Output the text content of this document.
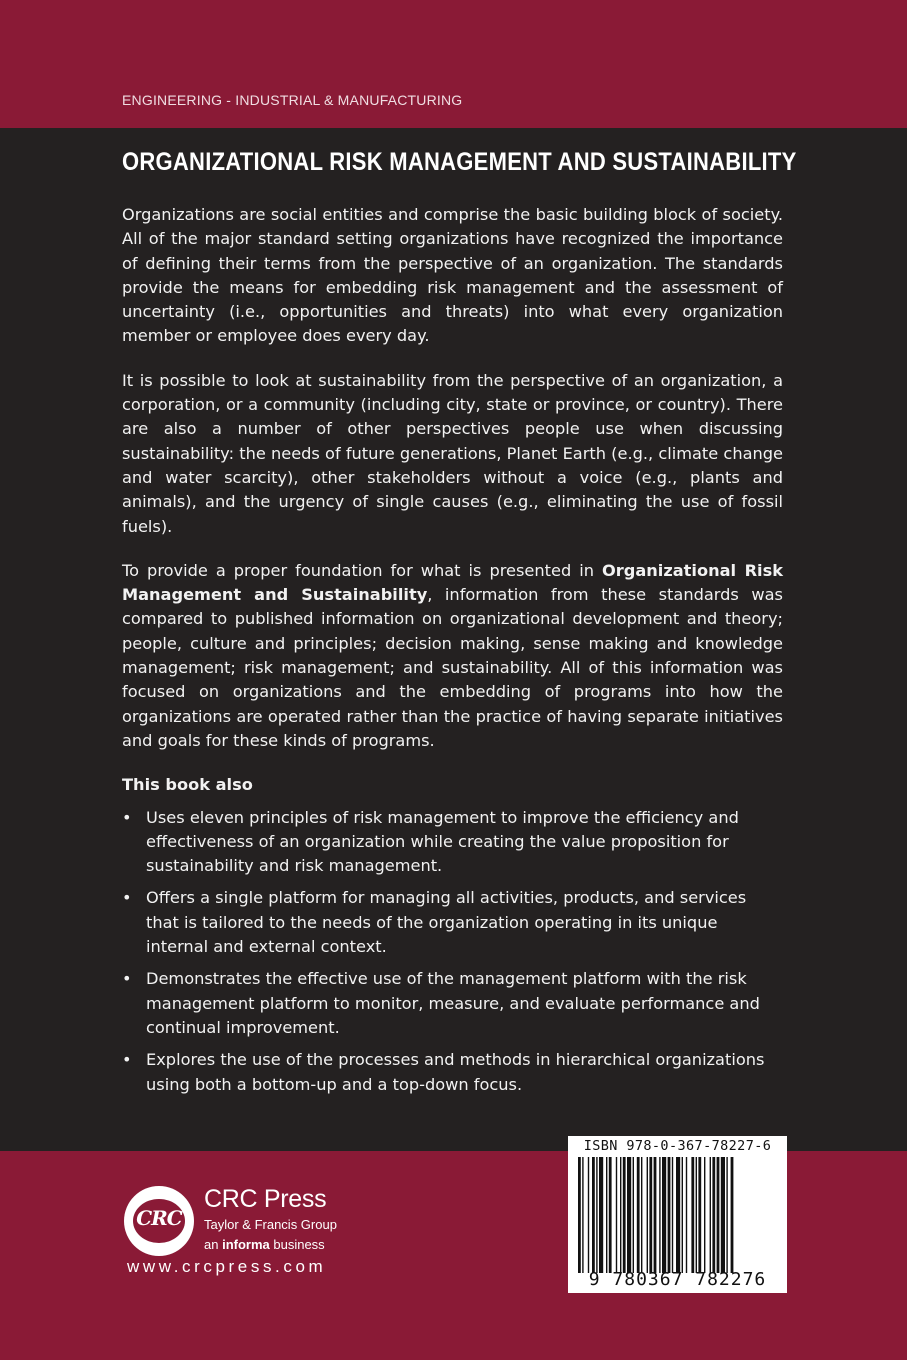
ENGINEERING - INDUSTRIAL & MANUFACTURING
ORGANIZATIONAL RISK MANAGEMENT AND SUSTAINABILITY

Organizations are social entities and comprise the basic building block of society. All of the major standard setting organizations have recognized the importance of defining their terms from the perspective of an organization. The standards provide the means for embedding risk management and the assessment of uncertainty (i.e., opportunities and threats) into what every organization member or employee does every day.

It is possible to look at sustainability from the perspective of an organization, a corporation, or a community (including city, state or province, or country). There are also a number of other perspectives people use when discussing sustainability: the needs of future generations, Planet Earth (e.g., climate change and water scarcity), other stakeholders without a voice (e.g., plants and animals), and the urgency of single causes (e.g., eliminating the use of fossil fuels).

To provide a proper foundation for what is presented in Organizational Risk Management and Sustainability, information from these standards was compared to published information on organizational development and theory; people, culture and principles; decision making, sense making and knowledge management; risk management; and sustainability. All of this information was focused on organizations and the embedding of programs into how the organizations are operated rather than the practice of having separate initiatives and goals for these kinds of programs.

This book also
• Uses eleven principles of risk management to improve the efficiency and effectiveness of an organization while creating the value proposition for sustainability and risk management.
• Offers a single platform for managing all activities, products, and services that is tailored to the needs of the organization operating in its unique internal and external context.
• Demonstrates the effective use of the management platform with the risk management platform to monitor, measure, and evaluate performance and continual improvement.
• Explores the use of the processes and methods in hierarchical organizations using both a bottom-up and a top-down focus.
CRC
CRC Press
Taylor & Francis Group
an informa business
www.crcpress.com
ISBN 978-0-367-78227-6
9 780367 782276
